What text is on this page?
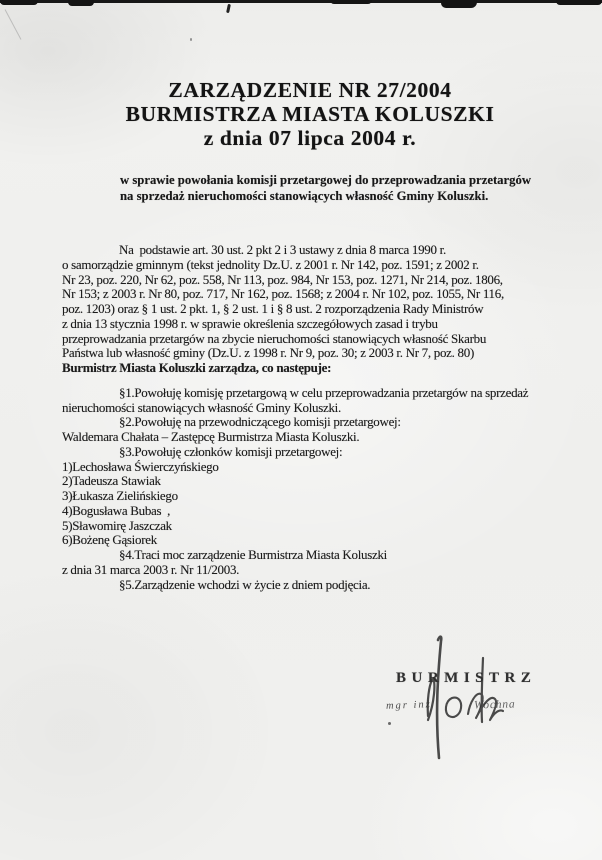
ZARZĄDZENIE NR 27/2004
BURMISTRZA MIASTA KOLUSZKI
z dnia 07 lipca 2004 r.
w sprawie powołania komisji przetargowej do przeprowadzania przetargów
na sprzedaż nieruchomości stanowiących własność Gminy Koluszki.
Na  podstawie art. 30 ust. 2 pkt 2 i 3 ustawy z dnia 8 marca 1990 r.
o samorządzie gminnym (tekst jednolity Dz.U. z 2001 r. Nr 142, poz. 1591; z 2002 r.
Nr 23, poz. 220, Nr 62, poz. 558, Nr 113, poz. 984, Nr 153, poz. 1271, Nr 214, poz. 1806,
Nr 153; z 2003 r. Nr 80, poz. 717, Nr 162, poz. 1568; z 2004 r. Nr 102, poz. 1055, Nr 116,
poz. 1203) oraz § 1 ust. 2 pkt. 1, § 2 ust. 1 i § 8 ust. 2 rozporządzenia Rady Ministrów
z dnia 13 stycznia 1998 r. w sprawie określenia szczegółowych zasad i trybu
przeprowadzania przetargów na zbycie nieruchomości stanowiących własność Skarbu
Państwa lub własność gminy (Dz.U. z 1998 r. Nr 9, poz. 30; z 2003 r. Nr 7, poz. 80)
Burmistrz Miasta Koluszki zarządza, co następuje:
§1.Powołuję komisję przetargową w celu przeprowadzania przetargów na sprzedaż
nieruchomości stanowiących własność Gminy Koluszki.
§2.Powołuję na przewodniczącego komisji przetargowej:
Waldemara Chałata – Zastępcę Burmistrza Miasta Koluszki.
§3.Powołuję członków komisji przetargowej:
1)Lechosława Świerczyńskiego
2)Tadeusza Stawiak
3)Łukasza Zielińskiego
4)Bogusława Bubas  ,
5)Sławomirę Jaszczak
6)Bożenę Gąsiorek
§4.Traci moc zarządzenie Burmistrza Miasta Koluszki
z dnia 31 marca 2003 r. Nr 11/2003.
§5.Zarządzenie wchodzi w życie z dniem podjęcia.
BURMISTRZ
mgr inż	Wochna
